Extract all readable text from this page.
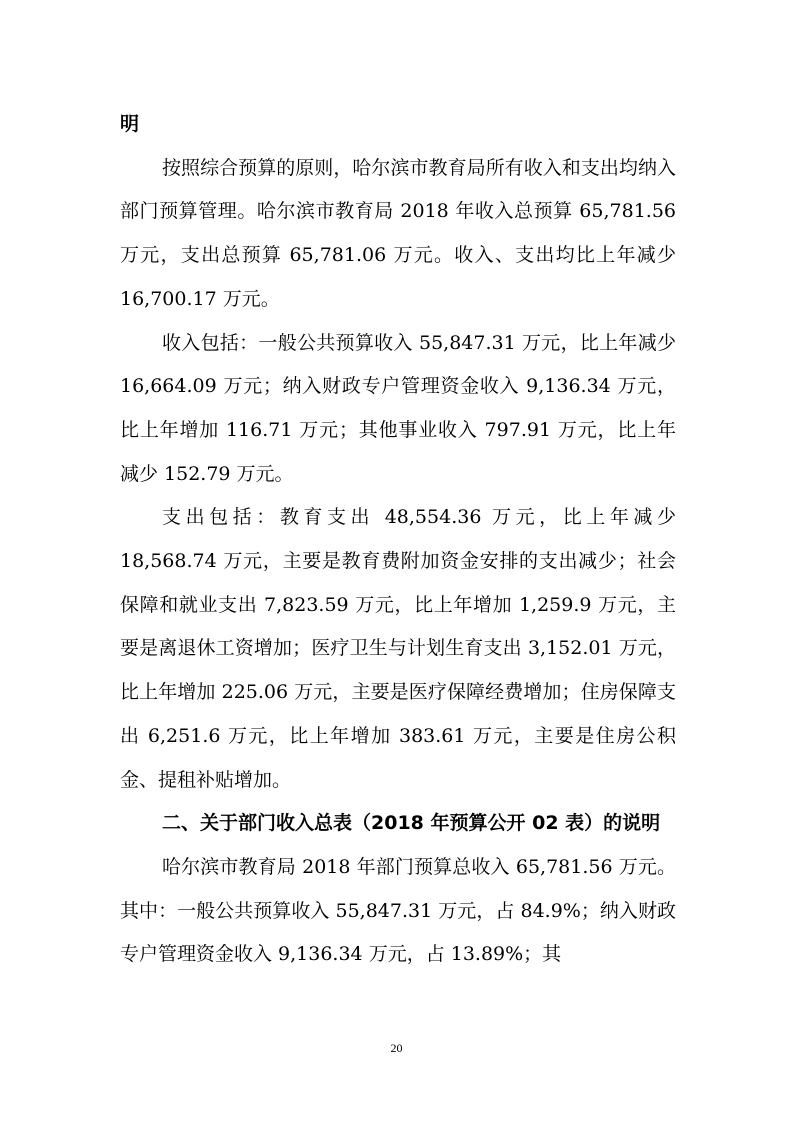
明

按照综合预算的原则，哈尔滨市教育局所有收入和支出均纳入部门预算管理。哈尔滨市教育局 2018 年收入总预算 65,781.56 万元，支出总预算 65,781.06 万元。收入、支出均比上年减少 16,700.17 万元。

收入包括：一般公共预算收入 55,847.31 万元，比上年减少 16,664.09 万元；纳入财政专户管理资金收入 9,136.34 万元，比上年增加 116.71 万元；其他事业收入 797.91 万元，比上年减少 152.79 万元。

支出包括：教育支出 48,554.36 万元，比上年减少 18,568.74 万元，主要是教育费附加资金安排的支出减少；社会保障和就业支出 7,823.59 万元，比上年增加 1,259.9 万元，主要是离退休工资增加；医疗卫生与计划生育支出 3,152.01 万元，比上年增加 225.06 万元，主要是医疗保障经费增加；住房保障支出 6,251.6 万元，比上年增加 383.61 万元，主要是住房公积金、提租补贴增加。

二、关于部门收入总表（2018 年预算公开 02 表）的说明

哈尔滨市教育局 2018 年部门预算总收入 65,781.56 万元。其中：一般公共预算收入 55,847.31 万元，占 84.9%；纳入财政专户管理资金收入 9,136.34 万元，占 13.89%；其

20
